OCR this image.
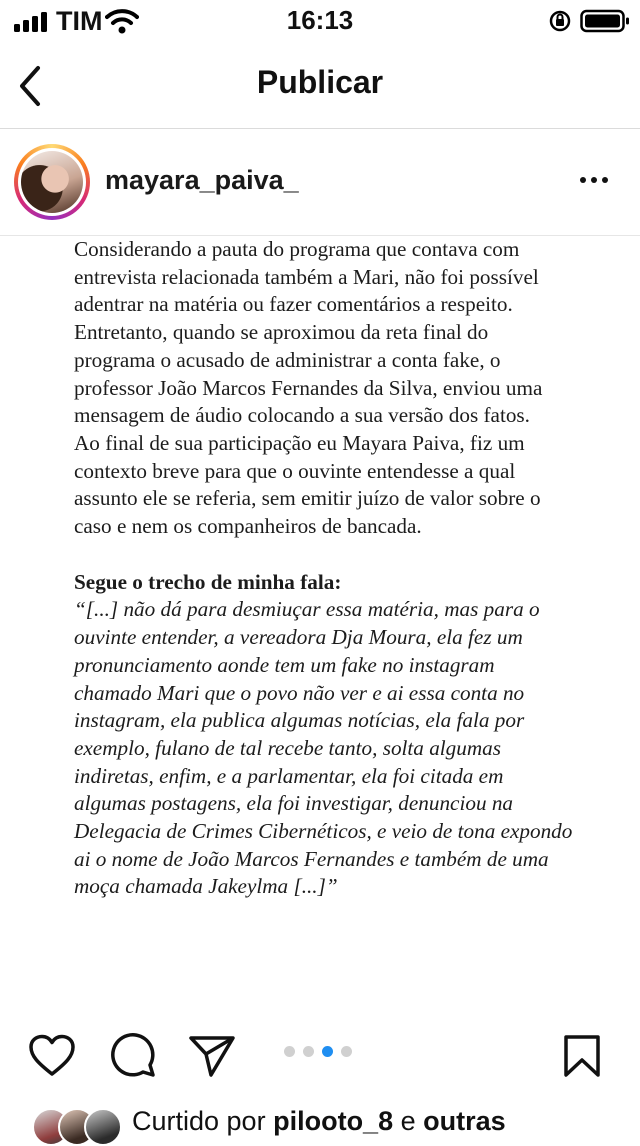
TIM	16:13
Publicar
mayara_paiva_

Considerando a pauta do programa que contava com entrevista relacionada também a Mari, não foi possível adentrar na matéria ou fazer comentários a respeito.

Entretanto, quando se aproximou da reta final do programa o acusado de administrar a conta fake, o professor João Marcos Fernandes da Silva, enviou uma mensagem de áudio colocando a sua versão dos fatos.

Ao final de sua participação eu Mayara Paiva, fiz um contexto breve para que o ouvinte entendesse a qual assunto ele se referia, sem emitir juízo de valor sobre o caso e nem os companheiros de bancada.

Segue o trecho de minha fala:

“[...] não dá para desmiuçar essa matéria, mas para o ouvinte entender, a vereadora Dja Moura, ela fez um pronunciamento aonde tem um fake no instagram chamado Mari que o povo não ver e ai essa conta no instagram, ela publica algumas notícias, ela fala por exemplo, fulano de tal recebe tanto, solta algumas indiretas, enfim, e a parlamentar, ela foi citada em algumas postagens, ela foi investigar, denunciou na Delegacia de Crimes Cibernéticos, e veio de tona expondo ai o nome de João Marcos Fernandes e também de uma moça chamada Jakeylma [...]”

Curtido por pilooto_8 e outras
